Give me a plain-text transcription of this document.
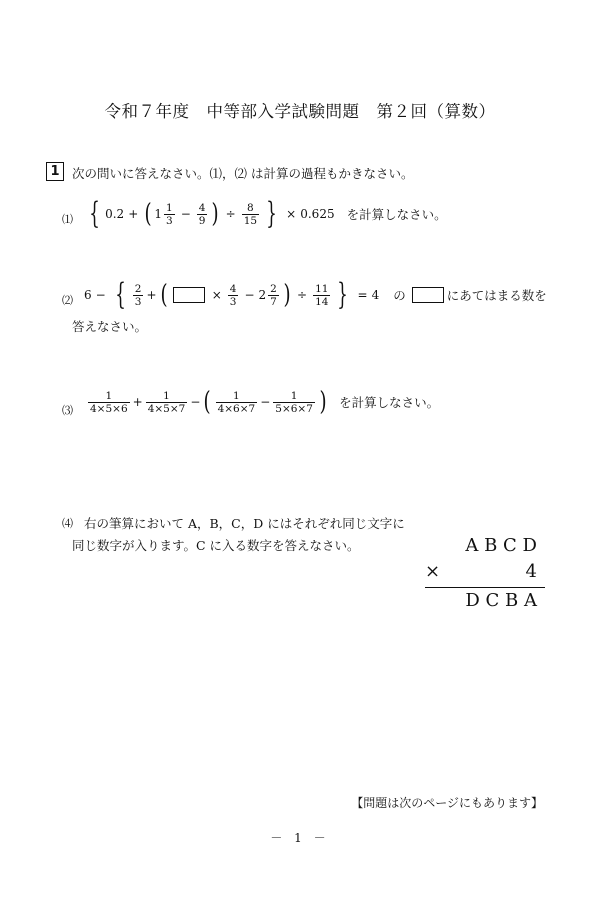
令和７年度　中等部入学試験問題　第２回（算数）
1 次の問いに答えなさい。⑴，⑵ は計算の過程もかきなさい。
⑴ { 0.2 + ( $1 \frac{1}{3} - \frac{4}{9}$ ) ÷ $\frac{8}{15}$ } × 0.625 を計算しなさい。
⑵ 6 − { $\frac{2}{3}$ + (	× $\frac{4}{3} - 2 \frac{2}{7}$ ) ÷ $\frac{11}{14}$ } = 4 の	にあてはまる数を
答えなさい。
⑶ $\frac{1}{4\times 5\times 6} + \frac{1}{4\times 5\times 7}$ − ( $\frac{1}{4\times 6\times 7} - \frac{1}{5\times 6\times 7}$ ) を計算しなさい。
⑷ 右の筆算において A，B，C，D にはそれぞれ同じ文字に
同じ数字が入ります。C に入る数字を答えなさい。	A B C D
×	4
D C B A
【問題は次のページにもあります】
－ 1 －
